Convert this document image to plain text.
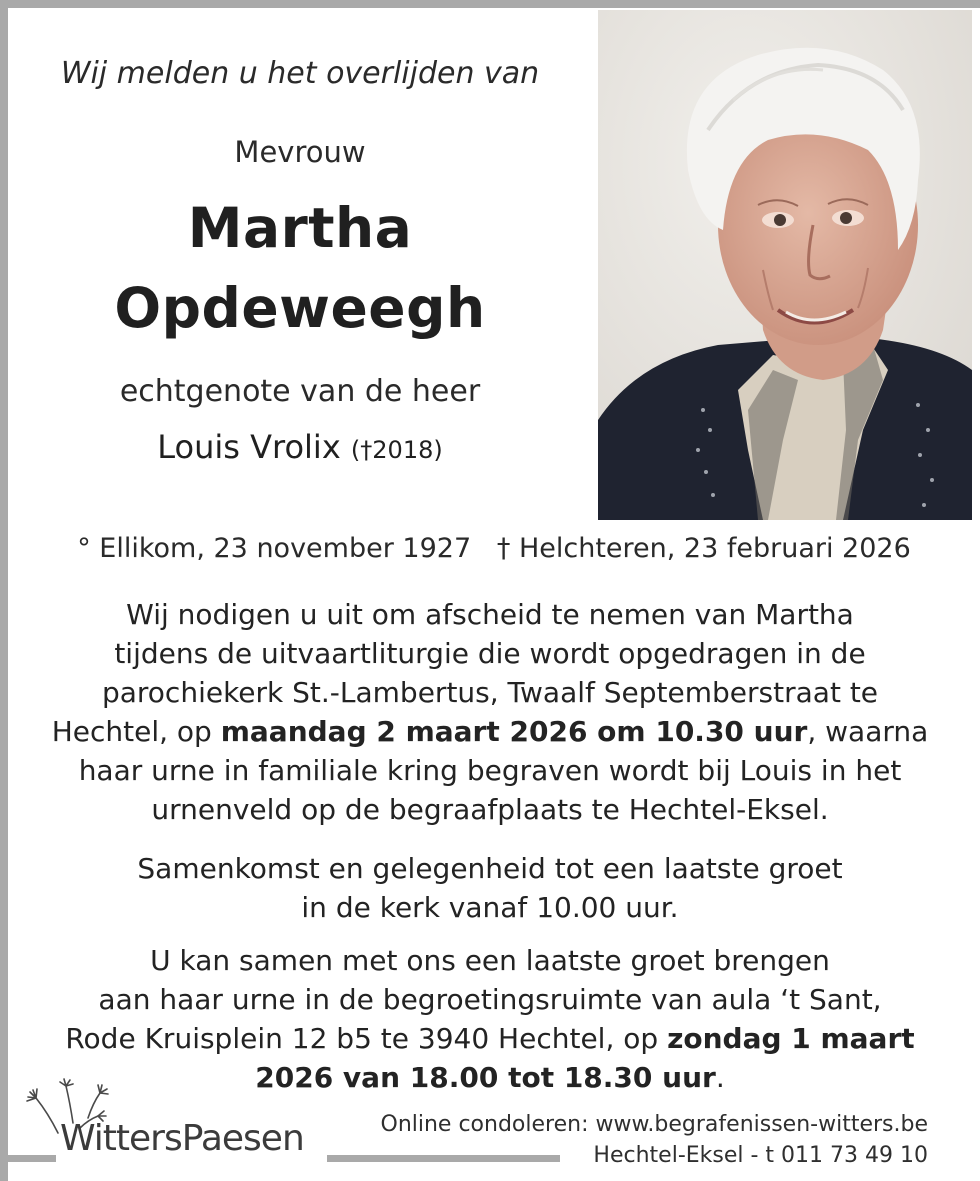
Wij melden u het overlijden van
Mevrouw
Martha
Opdeweegh
echtgenote van de heer
Louis Vrolix (†2018)
° Ellikom, 23 november 1927 † Helchteren, 23 februari 2026

Wij nodigen u uit om afscheid te nemen van Martha

tijdens de uitvaartliturgie die wordt opgedragen in de

parochiekerk St.-Lambertus, Twaalf Septemberstraat te

Hechtel, op maandag 2 maart 2026 om 10.30 uur, waarna

haar urne in familiale kring begraven wordt bij Louis in het

urnenveld op de begraafplaats te Hechtel-Eksel.

Samenkomst en gelegenheid tot een laatste groet

in de kerk vanaf 10.00 uur.

U kan samen met ons een laatste groet brengen

aan haar urne in de begroetingsruimte van aula ‘t Sant,

Rode Kruisplein 12 b5 te 3940 Hechtel, op zondag 1 maart

2026 van 18.00 tot 18.30 uur.

WittersPaesen	Online condoleren: www.begrafenissen-witters.be
Hechtel-Eksel - t 011 73 49 10
